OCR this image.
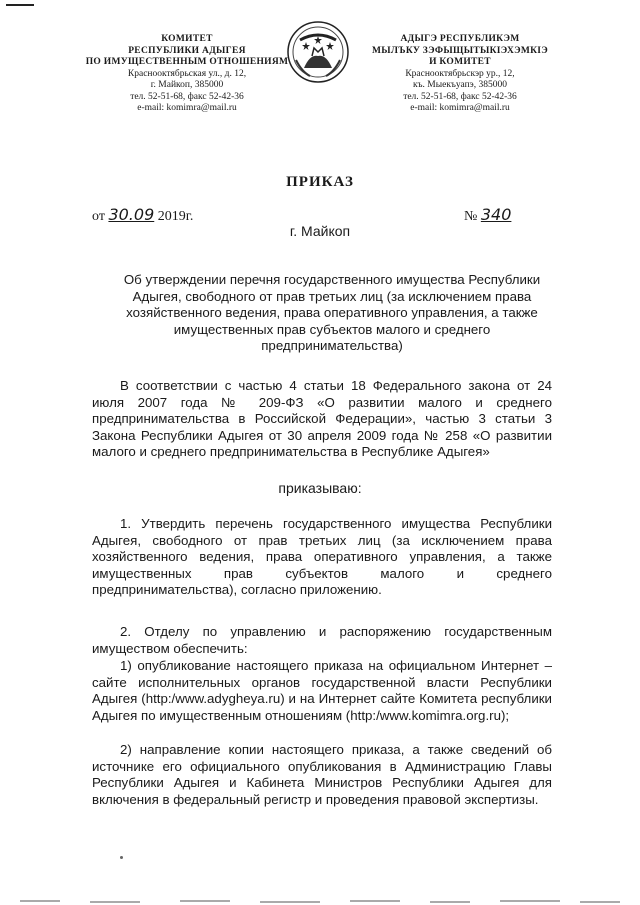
КОМИТЕТ
РЕСПУБЛИКИ АДЫГЕЯ
ПО ИМУЩЕСТВЕННЫМ ОТНОШЕНИЯМ
Краснооктябрьская ул., д. 12,
г. Майкоп, 385000
тел. 52-51-68, факс 52-42-36
e-mail: komimra@mail.ru
АДЫГЭ РЕСПУБЛИКЭМ
МЫЛЪКУ ЗЭФЫЩЫТЫКІЭХЭМКІЭ
И КОМИТЕТ
Краснооктябрьскэр ур., 12,
къ. Мыекъуапэ, 385000
тел. 52-51-68, факс 52-42-36
e-mail: komimra@mail.ru
ПРИКАЗ
от 30.09 2019г.	№ 340
г. Майкоп
Об утверждении перечня государственного имущества Республики Адыгея, свободного от прав третьих лиц (за исключением права хозяйственного ведения, права оперативного управления, а также имущественных прав субъектов малого и среднего предпринимательства)
В соответствии с частью 4 статьи 18 Федерального закона от 24 июля 2007 года № 209-ФЗ «О развитии малого и среднего предпринимательства в Российской Федерации», частью 3 статьи 3 Закона Республики Адыгея от 30 апреля 2009 года № 258 «О развитии малого и среднего предпринимательства в Республике Адыгея»
приказываю:
1. Утвердить перечень государственного имущества Республики Адыгея, свободного от прав третьих лиц (за исключением права хозяйственного ведения, права оперативного управления, а также имущественных прав субъектов малого и среднего предпринимательства), согласно приложению.
2. Отделу по управлению и распоряжению государственным имуществом обеспечить:
1) опубликование настоящего приказа на официальном Интернет – сайте исполнительных органов государственной власти Республики Адыгея (http:/www.adygheya.ru) и на Интернет сайте Комитета республики Адыгея по имущественным отношениям (http:/www.komimra.org.ru);
2) направление копии настоящего приказа, а также сведений об источнике его официального опубликования в Администрацию Главы Республики Адыгея и Кабинета Министров Республики Адыгея для включения в федеральный регистр и проведения правовой экспертизы.
